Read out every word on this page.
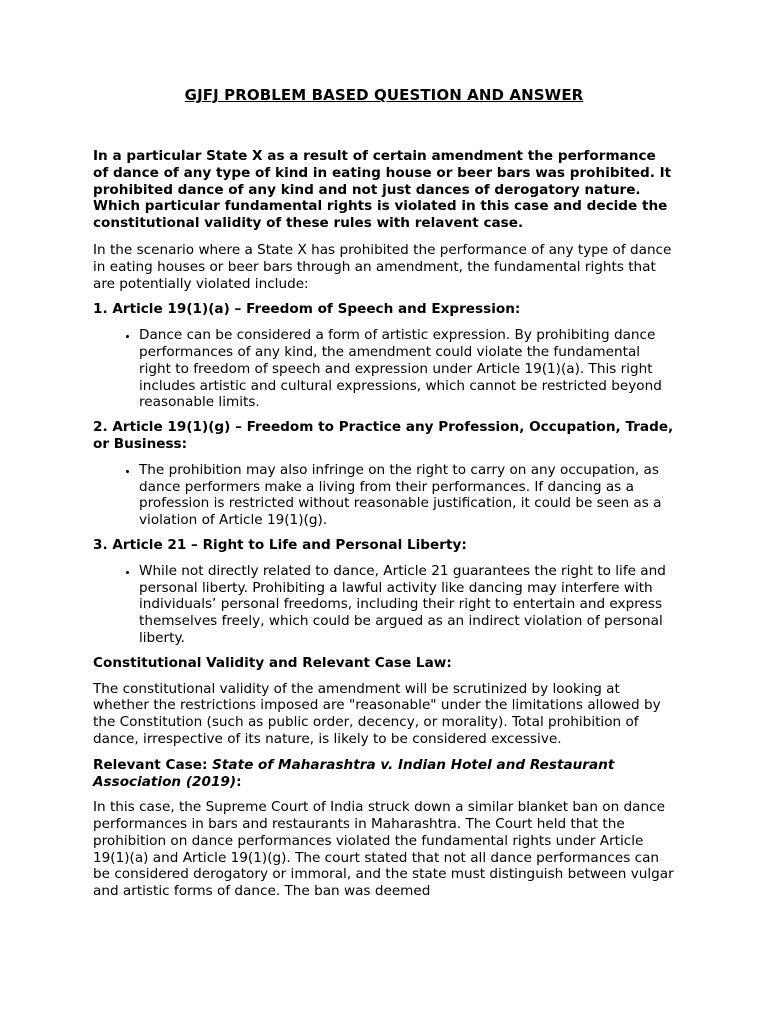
GJFJ PROBLEM BASED QUESTION AND ANSWER

In a particular State X as a result of certain amendment the performance of dance of any type of kind in eating house or beer bars was prohibited. It prohibited dance of any kind and not just dances of derogatory nature. Which particular fundamental rights is violated in this case and decide the constitutional validity of these rules with relavent case.

In the scenario where a State X has prohibited the performance of any type of dance in eating houses or beer bars through an amendment, the fundamental rights that are potentially violated include:

1. Article 19(1)(a) – Freedom of Speech and Expression:

• Dance can be considered a form of artistic expression. By prohibiting dance performances of any kind, the amendment could violate the fundamental right to freedom of speech and expression under Article 19(1)(a). This right includes artistic and cultural expressions, which cannot be restricted beyond reasonable limits.

2. Article 19(1)(g) – Freedom to Practice any Profession, Occupation, Trade, or Business:

• The prohibition may also infringe on the right to carry on any occupation, as dance performers make a living from their performances. If dancing as a profession is restricted without reasonable justification, it could be seen as a violation of Article 19(1)(g).

3. Article 21 – Right to Life and Personal Liberty:

• While not directly related to dance, Article 21 guarantees the right to life and personal liberty. Prohibiting a lawful activity like dancing may interfere with individuals’ personal freedoms, including their right to entertain and express themselves freely, which could be argued as an indirect violation of personal liberty.

Constitutional Validity and Relevant Case Law:

The constitutional validity of the amendment will be scrutinized by looking at whether the restrictions imposed are "reasonable" under the limitations allowed by the Constitution (such as public order, decency, or morality). Total prohibition of dance, irrespective of its nature, is likely to be considered excessive.

Relevant Case: State of Maharashtra v. Indian Hotel and Restaurant Association (2019):

In this case, the Supreme Court of India struck down a similar blanket ban on dance performances in bars and restaurants in Maharashtra. The Court held that the prohibition on dance performances violated the fundamental rights under Article 19(1)(a) and Article 19(1)(g). The court stated that not all dance performances can be considered derogatory or immoral, and the state must distinguish between vulgar and artistic forms of dance. The ban was deemed
